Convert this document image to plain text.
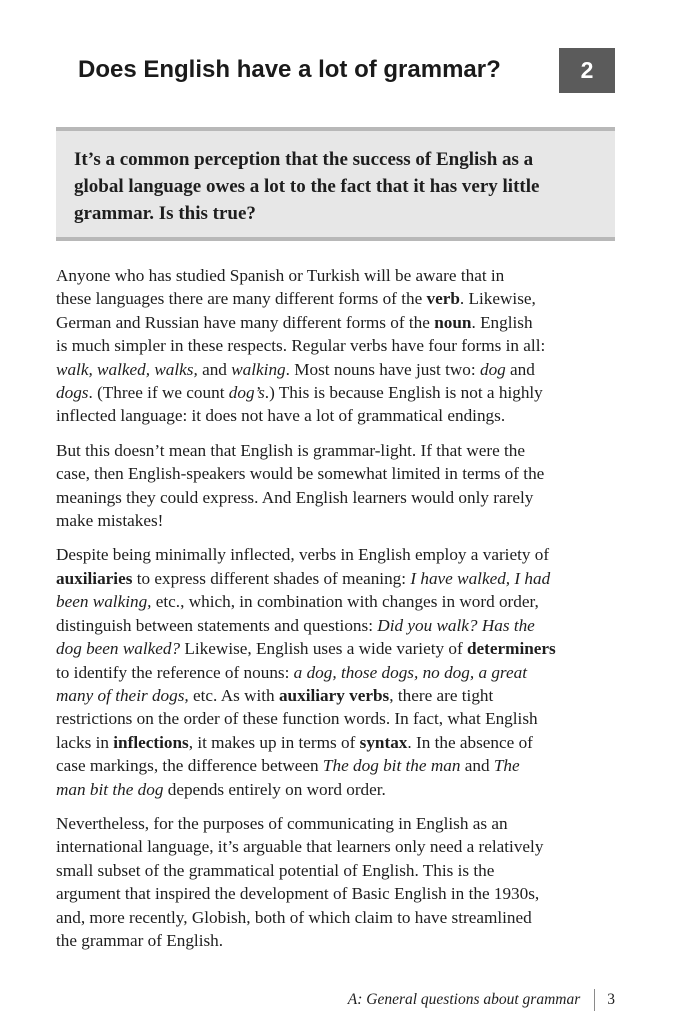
Does English have a lot of grammar?	2

It’s a common perception that the success of English as a
global language owes a lot to the fact that it has very little
grammar. Is this true?

Anyone who has studied Spanish or Turkish will be aware that in
these languages there are many different forms of the verb. Likewise,
German and Russian have many different forms of the noun. English
is much simpler in these respects. Regular verbs have four forms in all:
walk, walked, walks, and walking. Most nouns have just two: dog and
dogs. (Three if we count dog’s.) This is because English is not a highly
inflected language: it does not have a lot of grammatical endings.

But this doesn’t mean that English is grammar-light. If that were the
case, then English-speakers would be somewhat limited in terms of the
meanings they could express. And English learners would only rarely
make mistakes!

Despite being minimally inflected, verbs in English employ a variety of
auxiliaries to express different shades of meaning: I have walked, I had
been walking, etc., which, in combination with changes in word order,
distinguish between statements and questions: Did you walk? Has the
dog been walked? Likewise, English uses a wide variety of determiners
to identify the reference of nouns: a dog, those dogs, no dog, a great
many of their dogs, etc. As with auxiliary verbs, there are tight
restrictions on the order of these function words. In fact, what English
lacks in inflections, it makes up in terms of syntax. In the absence of
case markings, the difference between The dog bit the man and The
man bit the dog depends entirely on word order.

Nevertheless, for the purposes of communicating in English as an
international language, it’s arguable that learners only need a relatively
small subset of the grammatical potential of English. This is the
argument that inspired the development of Basic English in the 1930s,
and, more recently, Globish, both of which claim to have streamlined
the grammar of English.

A: General questions about grammar 3
